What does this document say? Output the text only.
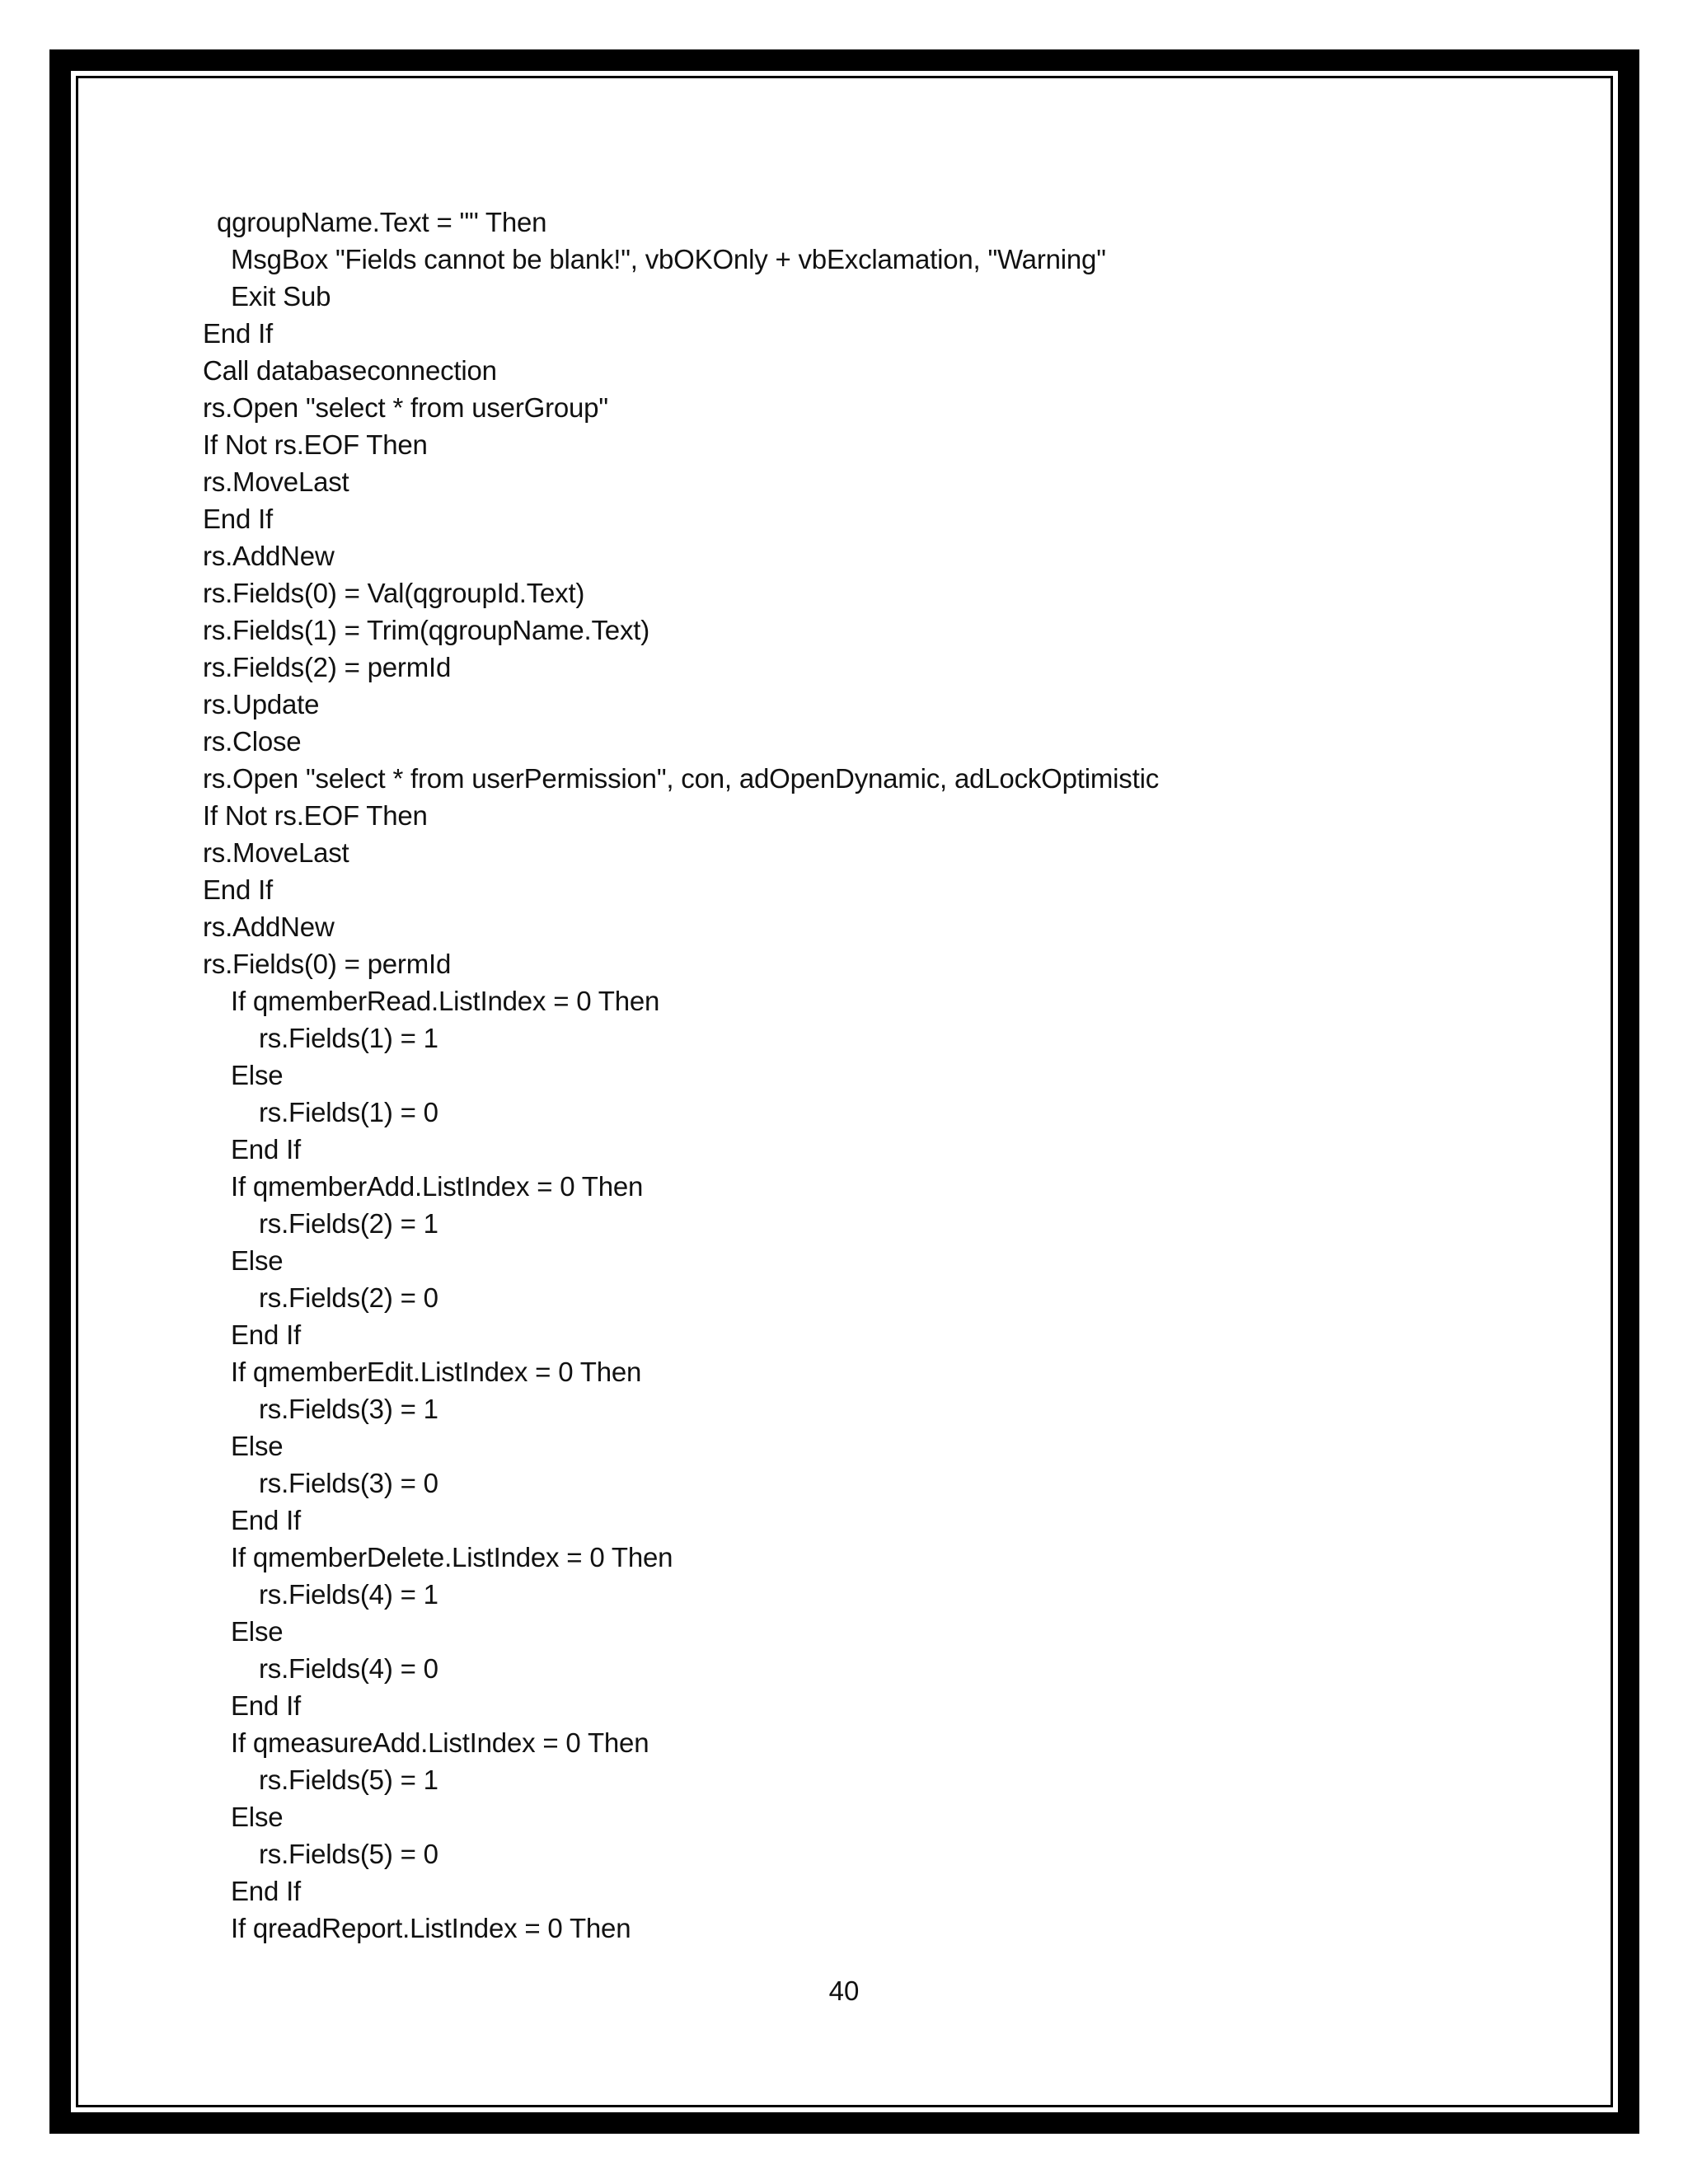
qgroupName.Text = "" Then
MsgBox "Fields cannot be blank!", vbOKOnly + vbExclamation, "Warning"
Exit Sub
End If
Call databaseconnection
rs.Open "select * from userGroup"
If Not rs.EOF Then
rs.MoveLast
End If
rs.AddNew
rs.Fields(0) = Val(qgroupId.Text)
rs.Fields(1) = Trim(qgroupName.Text)
rs.Fields(2) = permId
rs.Update
rs.Close
rs.Open "select * from userPermission", con, adOpenDynamic, adLockOptimistic
If Not rs.EOF Then
rs.MoveLast
End If
rs.AddNew
rs.Fields(0) = permId
If qmemberRead.ListIndex = 0 Then
rs.Fields(1) = 1
Else
rs.Fields(1) = 0
End If
If qmemberAdd.ListIndex = 0 Then
rs.Fields(2) = 1
Else
rs.Fields(2) = 0
End If
If qmemberEdit.ListIndex = 0 Then
rs.Fields(3) = 1
Else
rs.Fields(3) = 0
End If
If qmemberDelete.ListIndex = 0 Then
rs.Fields(4) = 1
Else
rs.Fields(4) = 0
End If
If qmeasureAdd.ListIndex = 0 Then
rs.Fields(5) = 1
Else
rs.Fields(5) = 0
End If
If qreadReport.ListIndex = 0 Then
40
